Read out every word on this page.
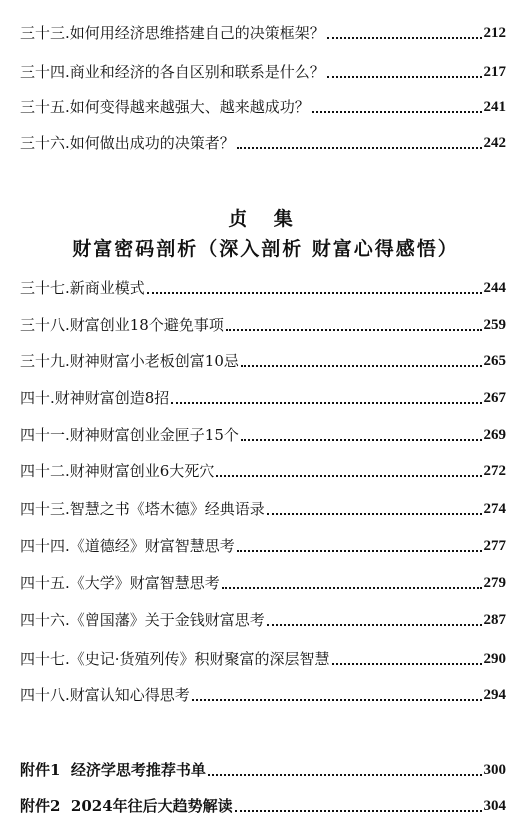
三十三.如何用经济思维搭建自己的决策框架？	212
三十四.商业和经济的各自区别和联系是什么？	217
三十五.如何变得越来越强大、越来越成功？	241
三十六.如何做出成功的决策者？	242
贞 集
财富密码剖析（深入剖析 财富心得感悟）
三十七.新商业模式	244
三十八.财富创业18个避免事项	259
三十九.财神财富小老板创富10忌	265
四十.财神财富创造8招	267
四十一.财神财富创业金匣子15个	269
四十二.财神财富创业6大死穴	272
四十三.智慧之书《塔木德》经典语录	274
四十四.《道德经》财富智慧思考	277
四十五.《大学》财富智慧思考	279
四十六.《曾国藩》关于金钱财富思考	287
四十七.《史记·货殖列传》积财聚富的深层智慧	290
四十八.财富认知心得思考	294
附件1  经济学思考推荐书单	300
附件2  2024年往后大趋势解读	304
